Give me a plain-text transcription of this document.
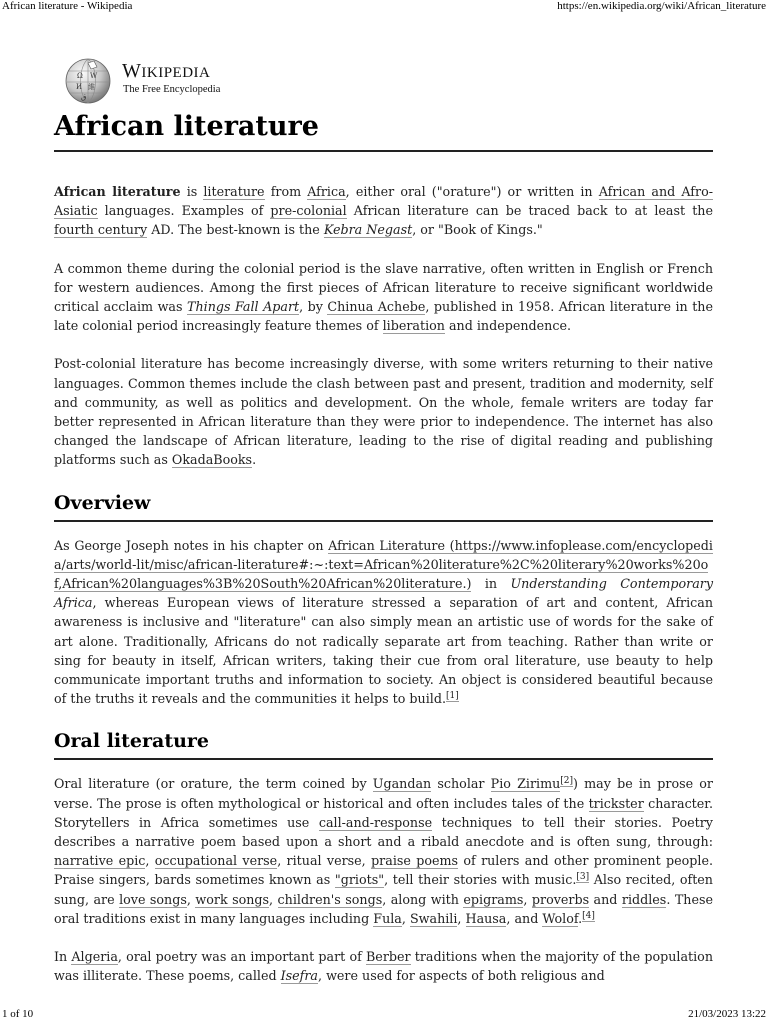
African literature - Wikipedia	https://en.wikipedia.org/wiki/African_literature
Ω W
И 維
ق
WIKIPEDIA
The Free Encyclopedia
African literature

African literature is literature from Africa, either oral ("orature") or written in African and Afro-Asiatic languages. Examples of pre-colonial African literature can be traced back to at least the fourth century AD. The best-known is the Kebra Negast, or "Book of Kings."

A common theme during the colonial period is the slave narrative, often written in English or French for western audiences. Among the first pieces of African literature to receive significant worldwide critical acclaim was Things Fall Apart, by Chinua Achebe, published in 1958. African literature in the late colonial period increasingly feature themes of liberation and independence.

Post-colonial literature has become increasingly diverse, with some writers returning to their native languages. Common themes include the clash between past and present, tradition and modernity, self and community, as well as politics and development. On the whole, female writers are today far better represented in African literature than they were prior to independence. The internet has also changed the landscape of African literature, leading to the rise of digital reading and publishing platforms such as OkadaBooks.

Overview

As George Joseph notes in his chapter on African Literature (https://www.infoplease.com/encyclopedia/arts/world-lit/misc/african-literature#:~:text=African%20literature%2C%20literary%20works%20of,African%20languages%3B%20South%20African%20literature.) in Understanding Contemporary Africa, whereas European views of literature stressed a separation of art and content, African awareness is inclusive and "literature" can also simply mean an artistic use of words for the sake of art alone. Traditionally, Africans do not radically separate art from teaching. Rather than write or sing for beauty in itself, African writers, taking their cue from oral literature, use beauty to help communicate important truths and information to society. An object is considered beautiful because of the truths it reveals and the communities it helps to build.[1]

Oral literature

Oral literature (or orature, the term coined by Ugandan scholar Pio Zirimu[2]) may be in prose or verse. The prose is often mythological or historical and often includes tales of the trickster character. Storytellers in Africa sometimes use call-and-response techniques to tell their stories. Poetry describes a narrative poem based upon a short and a ribald anecdote and is often sung, through: narrative epic, occupational verse, ritual verse, praise poems of rulers and other prominent people. Praise singers, bards sometimes known as "griots", tell their stories with music.[3] Also recited, often sung, are love songs, work songs, children's songs, along with epigrams, proverbs and riddles. These oral traditions exist in many languages including Fula, Swahili, Hausa, and Wolof.[4]

In Algeria, oral poetry was an important part of Berber traditions when the majority of the population was illiterate. These poems, called Isefra, were used for aspects of both religious and

1 of 10	21/03/2023 13:22
